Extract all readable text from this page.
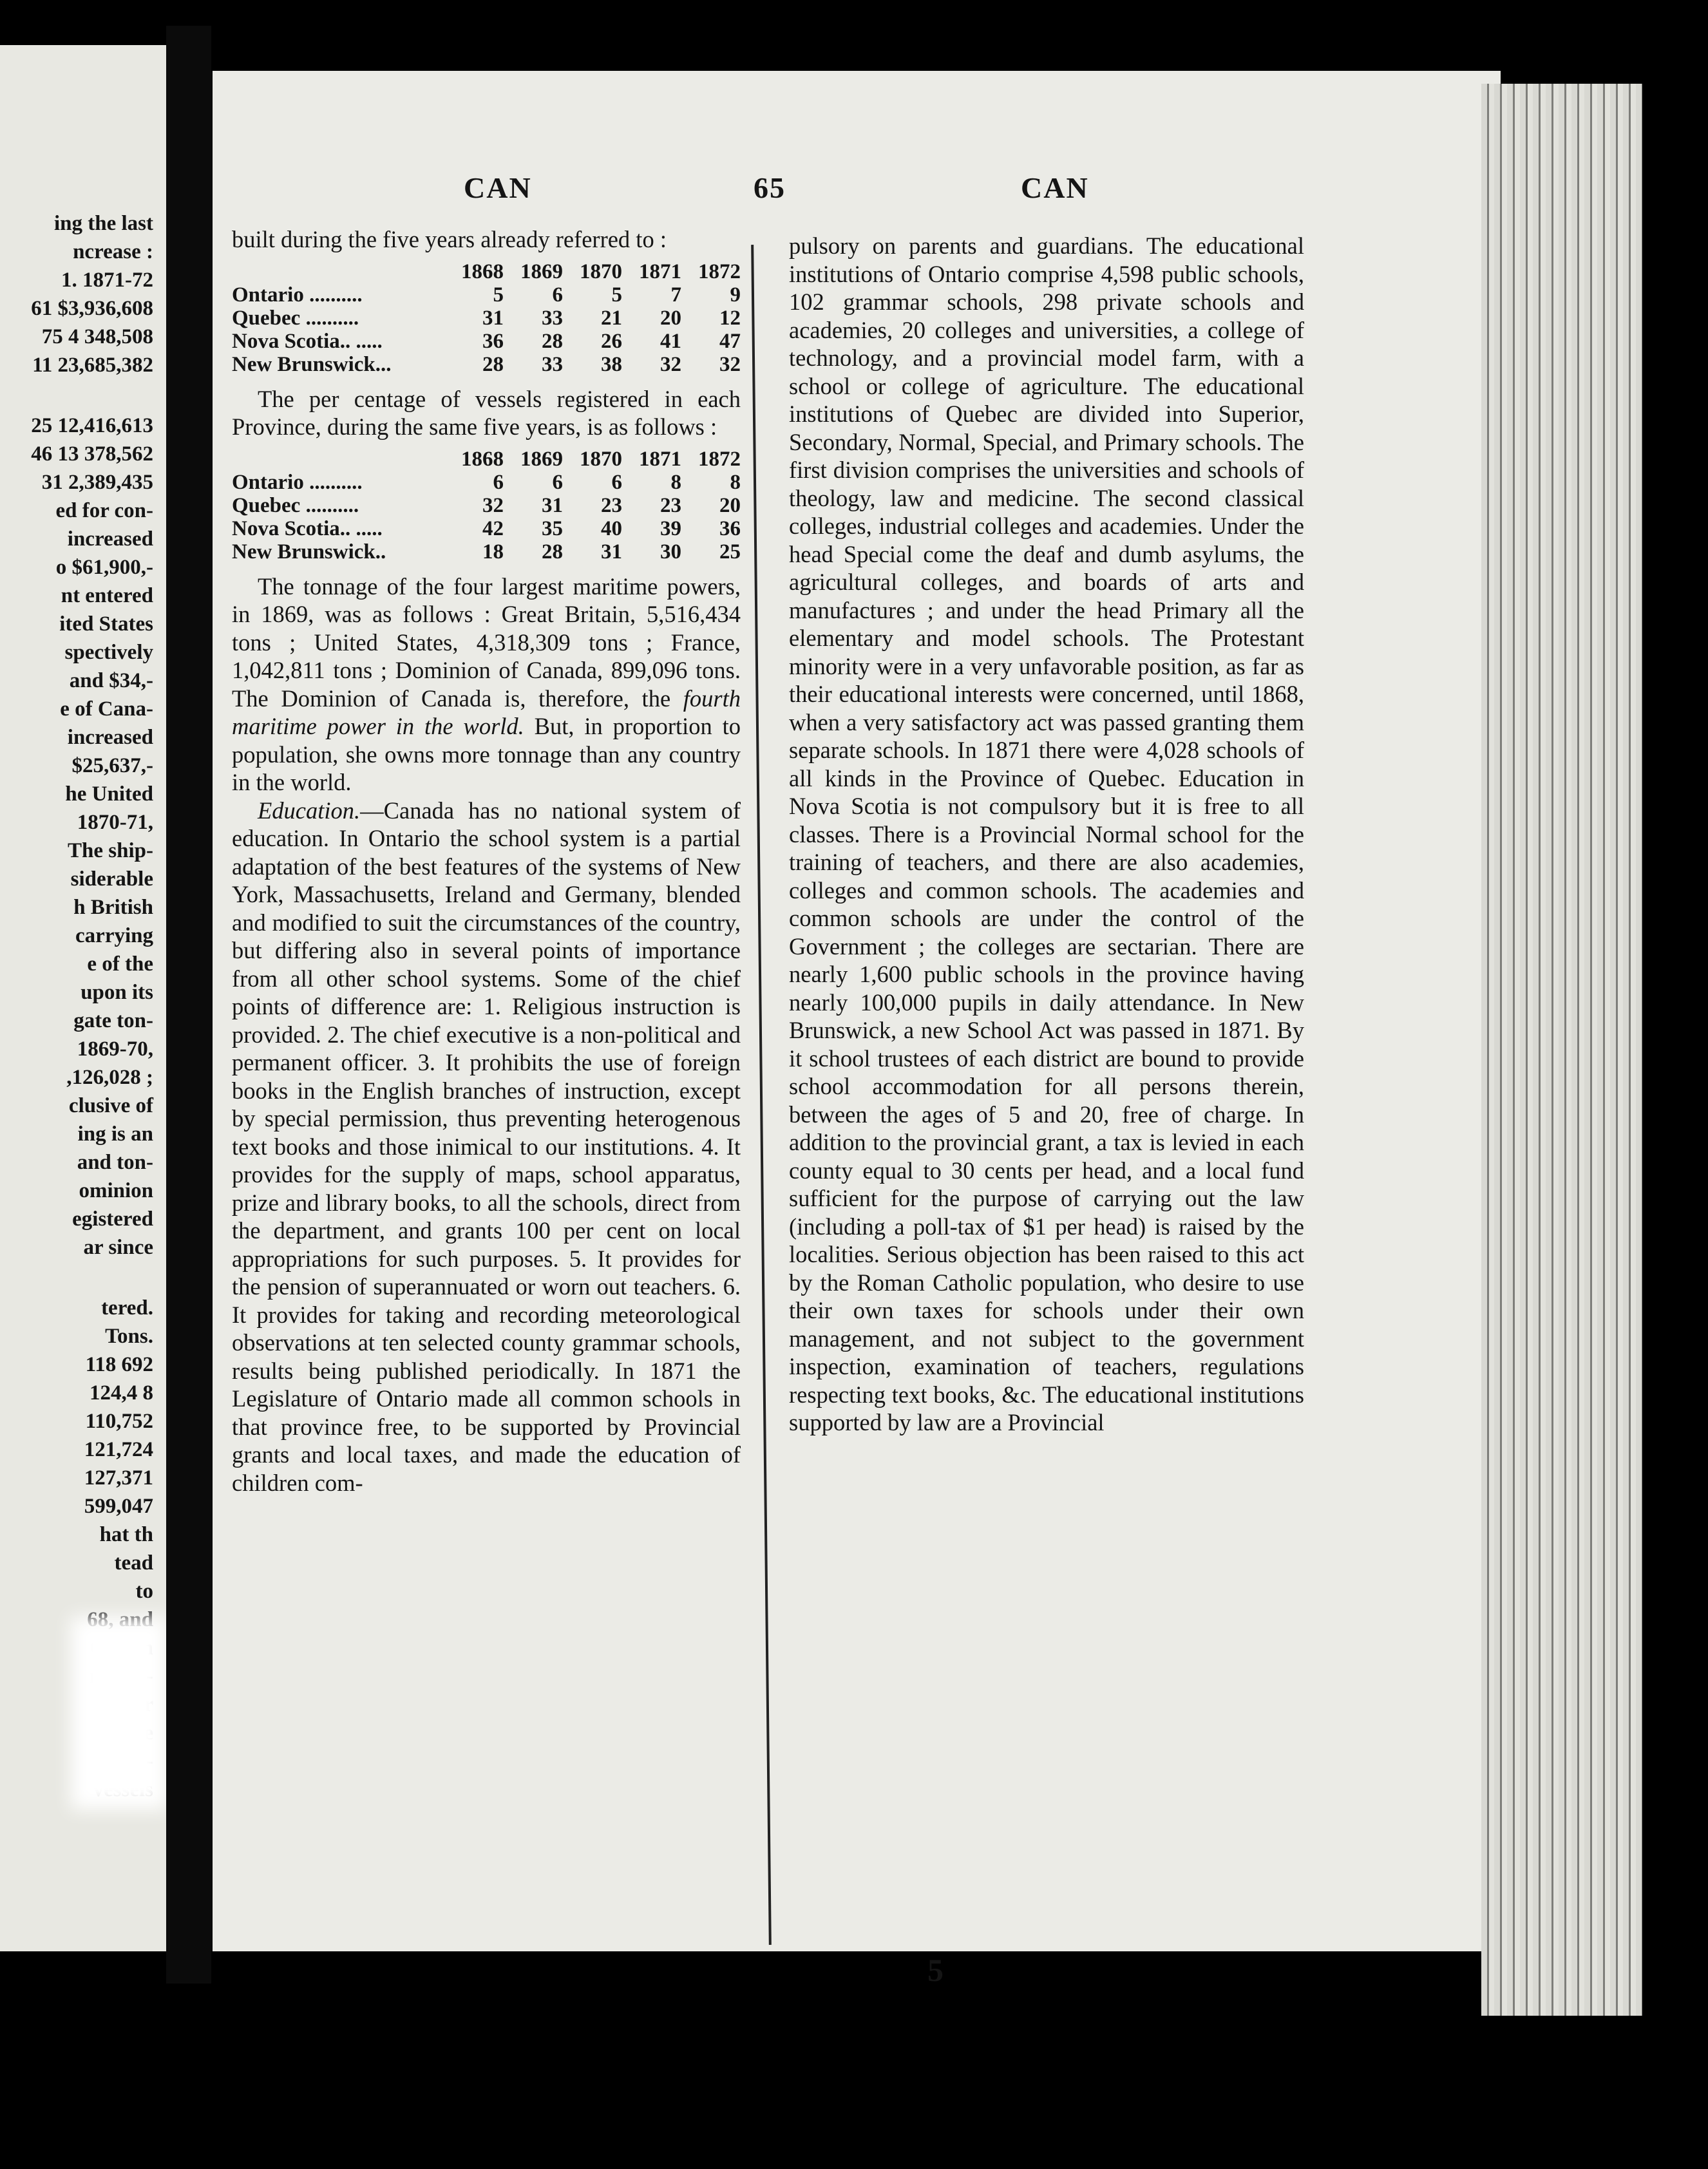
ing the last
ncrease :
1. 1871-72
61 $3,936,608
75 4 348,508
11 23,685,382
25 12,416,613
46 13 378,562
31 2,389,435
ed for con-
increased
o $61,900,-
nt entered
ited States
spectively
and $34,-
e of Cana-
increased
$25,637,-
he United
1870-71,
The ship-
siderable
h British
carrying
e of the
upon its
gate ton-
1869-70,
,126,028 ;
clusive of
ing is an
and ton-
ominion
egistered
ar since
tered.
Tons.
118 692
124,4 8
110,752
121,724
127,371
599,047
hat th
tead
to
CAN	65	CAN

built during the five years already referred to :

	1868	1869	1870	1871	1872
Ontario ..........	5	6	5	7	9
Quebec ..........	31	33	21	20	12
Nova Scotia.. .....	36	28	26	41	47
New Brunswick...	28	33	38	32	32

The per centage of vessels registered in each Province, during the same five years, is as follows :

	1868	1869	1870	1871	1872
Ontario ..........	6	6	6	8	8
Quebec ..........	32	31	23	23	20
Nova Scotia.. .....	42	35	40	39	36
New Brunswick..	18	28	31	30	25

The tonnage of the four largest maritime powers, in 1869, was as follows : Great Britain, 5,516,434 tons ; United States, 4,318,309 tons ; France, 1,042,811 tons ; Dominion of Canada, 899,096 tons. The Dominion of Canada is, therefore, the fourth maritime power in the world. But, in proportion to population, she owns more tonnage than any country in the world.

Education.—Canada has no national system of education. In Ontario the school system is a partial adaptation of the best features of the systems of New York, Massachusetts, Ireland and Germany, blended and modified to suit the circumstances of the country, but differing also in several points of importance from all other school systems. Some of the chief points of difference are: 1. Religious instruction is provided. 2. The chief executive is a non-political and permanent officer. 3. It prohibits the use of foreign books in the English branches of instruction, except by special permission, thus preventing heterogenous text books and those inimical to our institutions. 4. It provides for the supply of maps, school apparatus, prize and library books, to all the schools, direct from the department, and grants 100 per cent on local appropriations for such purposes. 5. It provides for the pension of superannuated or worn out teachers. 6. It provides for taking and recording meteorological observations at ten selected county grammar schools, results being published periodically. In 1871 the Legislature of Ontario made all common schools in that province free, to be supported by Provincial grants and local taxes, and made the education of children com-

pulsory on parents and guardians. The educational institutions of Ontario comprise 4,598 public schools, 102 grammar schools, 298 private schools and academies, 20 colleges and universities, a college of technology, and a provincial model farm, with a school or college of agriculture. The educational institutions of Quebec are divided into Superior, Secondary, Normal, Special, and Primary schools. The first division comprises the universities and schools of theology, law and medicine. The second classical colleges, industrial colleges and academies. Under the head Special come the deaf and dumb asylums, the agricultural colleges, and boards of arts and manufactures ; and under the head Primary all the elementary and model schools. The Protestant minority were in a very unfavorable position, as far as their educational interests were concerned, until 1868, when a very satisfactory act was passed granting them separate schools. In 1871 there were 4,028 schools of all kinds in the Province of Quebec. Education in Nova Scotia is not compulsory but it is free to all classes. There is a Provincial Normal school for the training of teachers, and there are also academies, colleges and common schools. The academies and common schools are under the control of the Government ; the colleges are sectarian. There are nearly 1,600 public schools in the province having nearly 100,000 pupils in daily attendance. In New Brunswick, a new School Act was passed in 1871. By it school trustees of each district are bound to provide school accommodation for all persons therein, between the ages of 5 and 20, free of charge. In addition to the provincial grant, a tax is levied in each county equal to 30 cents per head, and a local fund sufficient for the purpose of carrying out the law (including a poll-tax of $1 per head) is raised by the localities. Serious objection has been raised to this act by the Roman Catholic population, who desire to use their own taxes for schools under their own management, and not subject to the government inspection, examination of teachers, regulations respecting text books, &c. The educational institutions supported by law are a Provincial

5
